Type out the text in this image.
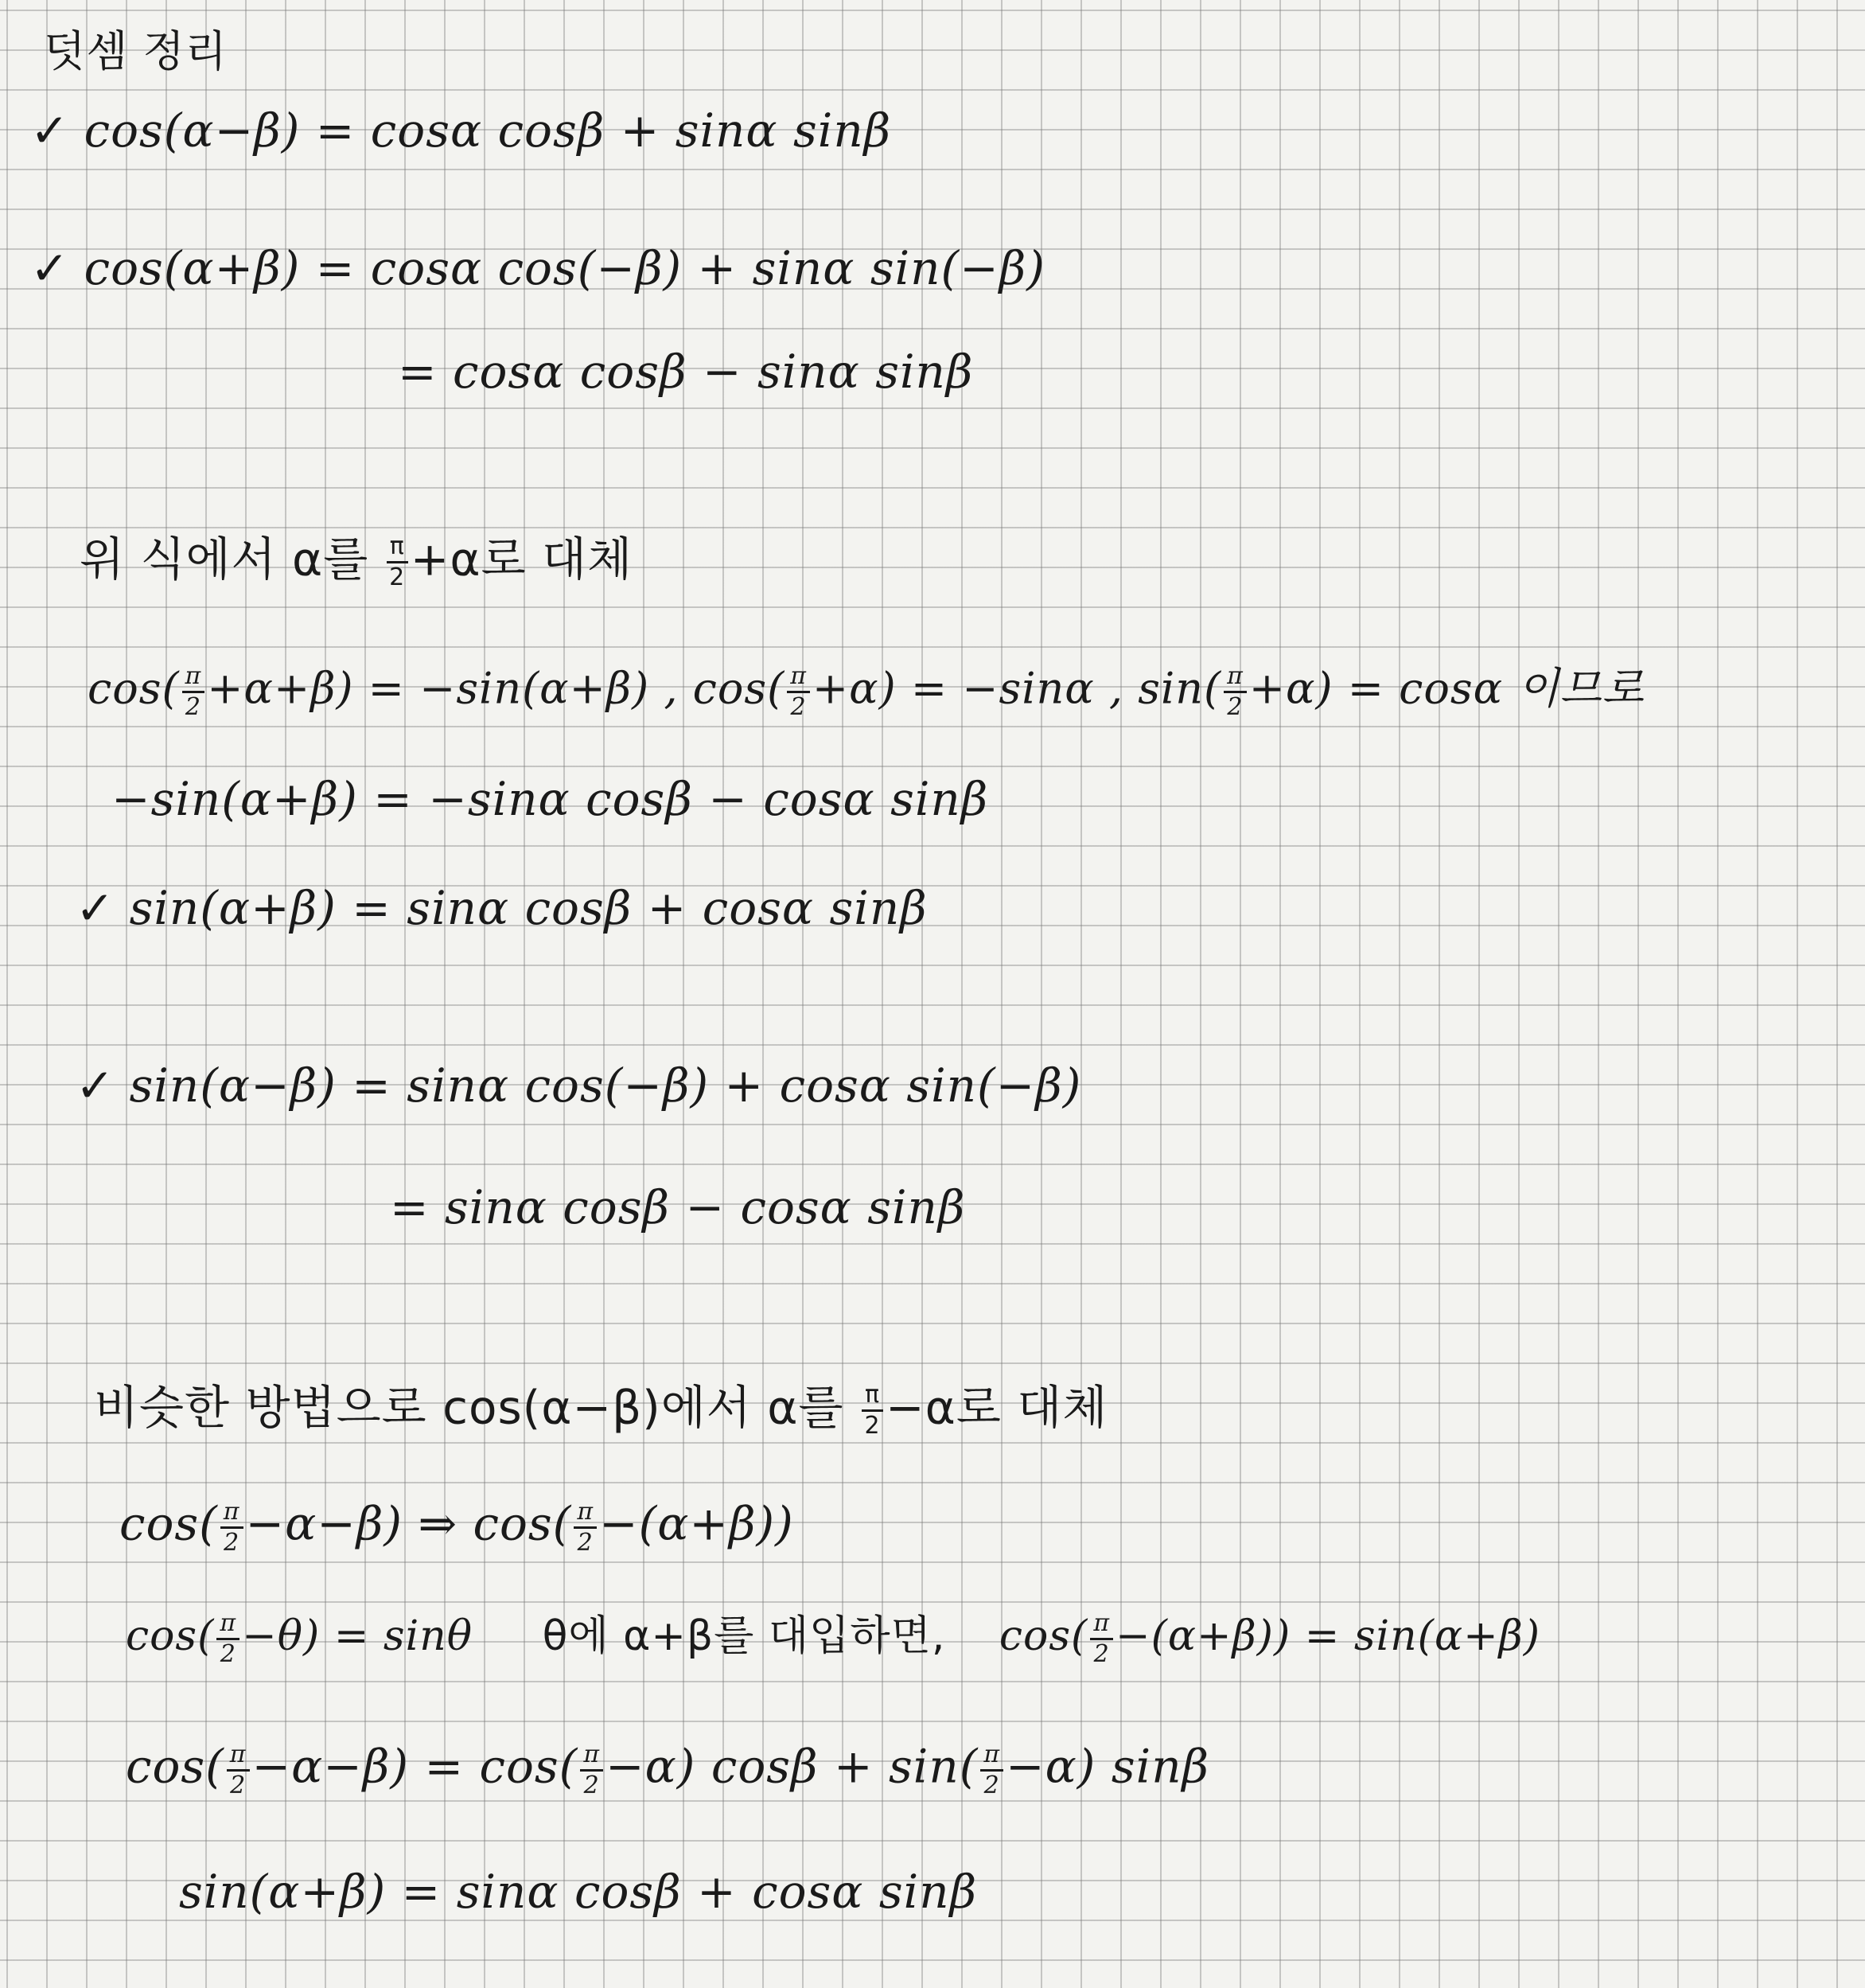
덧셈 정리
✓ cos(α−β) = cosα cosβ + sinα sinβ
✓ cos(α+β) = cosα cos(−β) + sinα sin(−β)
= cosα cosβ − sinα sinβ
위 식에서 α를 $\frac{\pi}{2} +\alpha$로 대체
$\cos( \frac{\pi}{2} +\alpha+\beta) = -\sin(\alpha+\beta)$ , $\cos( \frac{\pi}{2} +\alpha) = -\sin\alpha$ , $\sin( \frac{\pi}{2} +\alpha) = \cos\alpha$ 이므로
−sin(α+β) = −sinα cosβ − cosα sinβ
✓ sin(α+β) = sinα cosβ + cosα sinβ
✓ sin(α−β) = sinα cos(−β) + cosα sin(−β)
= sinα cosβ − cosα sinβ
비슷한 방법으로 cos(α−β)에서 α를 $\frac{\pi}{2} -\alpha$로 대체
$\cos( \frac{\pi}{2} -\alpha-\beta)$ ⇒ $\cos( \frac{\pi}{2} -(\alpha+\beta))$
$\cos( \frac{\pi}{2} -\theta) = \sin\theta$ θ에 α+β를 대입하면, $\cos( \frac{\pi}{2} -(\alpha+\beta)) = \sin(\alpha+\beta)$
$\cos( \frac{\pi}{2} -\alpha-\beta) = \cos( \frac{\pi}{2} -\alpha)$ $\cos\beta + \sin( \frac{\pi}{2} -\alpha)$ sinβ
sin(α+β) = sinα cosβ + cosα sinβ
